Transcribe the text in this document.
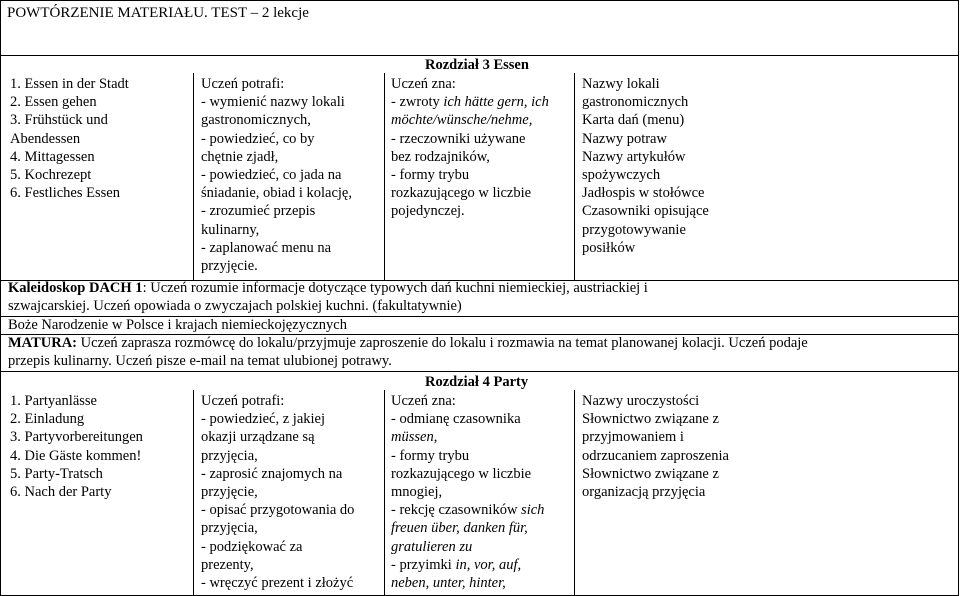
POWTÓRZENIE MATERIAŁU. TEST – 2 lekcje
Rozdział 3 Essen
1. Essen in der Stadt
2. Essen gehen
3. Frühstück und
Abendessen
4. Mittagessen
5. Kochrezept
6. Festliches Essen
Uczeń potrafi:
- wymienić nazwy lokali
gastronomicznych,
- powiedzieć, co by
chętnie zjadł,
- powiedzieć, co jada na
śniadanie, obiad i kolację,
- zrozumieć przepis
kulinarny,
- zaplanować menu na
przyjęcie.
Uczeń zna:
- zwroty ich hätte gern, ich
möchte/wünsche/nehme,
- rzeczowniki używane
bez rodzajników,
- formy trybu
rozkazującego w liczbie
pojedynczej.
Nazwy lokali
gastronomicznych
Karta dań (menu)
Nazwy potraw
Nazwy artykułów
spożywczych
Jadłospis w stołówce
Czasowniki opisujące
przygotowywanie
posiłków
Kaleidoskop DACH 1: Uczeń rozumie informacje dotyczące typowych dań kuchni niemieckiej, austriackiej i
szwajcarskiej. Uczeń opowiada o zwyczajach polskiej kuchni. (fakultatywnie)
Boże Narodzenie w Polsce i krajach niemieckojęzycznych
MATURA: Uczeń zaprasza rozmówcę do lokalu/przyjmuje zaproszenie do lokalu i rozmawia na temat planowanej kolacji. Uczeń podaje
przepis kulinarny. Uczeń pisze e-mail na temat ulubionej potrawy.
Rozdział 4 Party
1. Partyanlässe
2. Einladung
3. Partyvorbereitungen
4. Die Gäste kommen!
5. Party-Tratsch
6. Nach der Party
Uczeń potrafi:
- powiedzieć, z jakiej
okazji urządzane są
przyjęcia,
- zaprosić znajomych na
przyjęcie,
- opisać przygotowania do
przyjęcia,
- podziękować za
prezenty,
- wręczyć prezent i złożyć
Uczeń zna:
- odmianę czasownika
müssen,
- formy trybu
rozkazującego w liczbie
mnogiej,
- rekcję czasowników sich
freuen über, danken für,
gratulieren zu
- przyimki in, vor, auf,
neben, unter, hinter,
Nazwy uroczystości
Słownictwo związane z
przyjmowaniem i
odrzucaniem zaproszenia
Słownictwo związane z
organizacją przyjęcia
